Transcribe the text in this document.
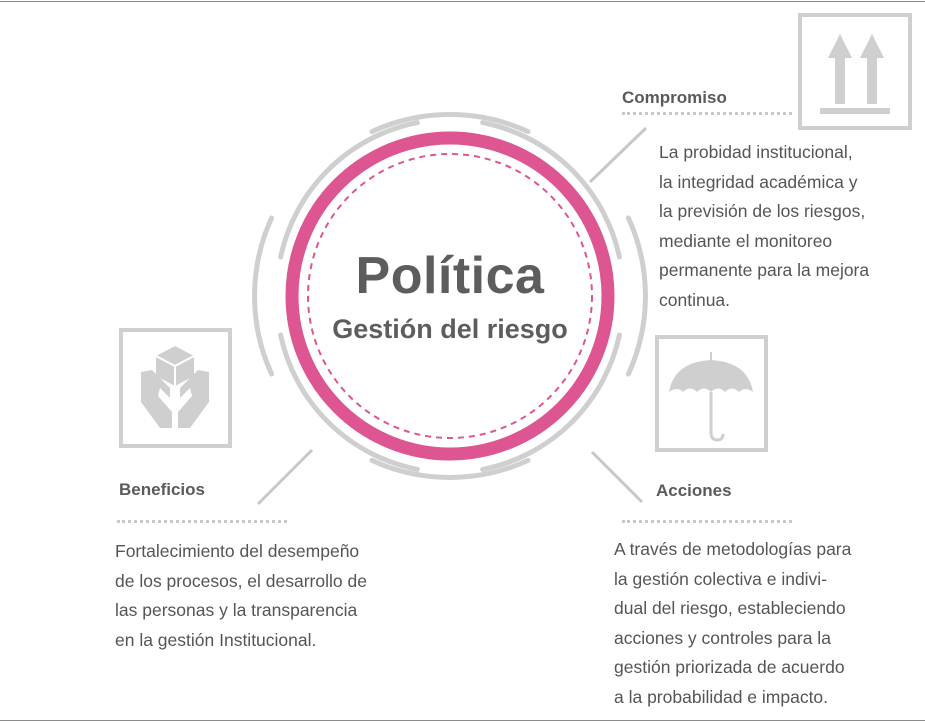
Política
Gestión del riesgo
Compromiso
La probidad institucional,
la integridad académica y
la previsión de los riesgos,
mediante el monitoreo
permanente para la mejora
continua.
Beneficios
Fortalecimiento del desempeño
de los procesos, el desarrollo de
las personas y la transparencia
en la gestión Institucional.
Acciones
A través de metodologías para
la gestión colectiva e indivi-
dual del riesgo, estableciendo
acciones y controles para la
gestión priorizada de acuerdo
a la probabilidad e impacto.
